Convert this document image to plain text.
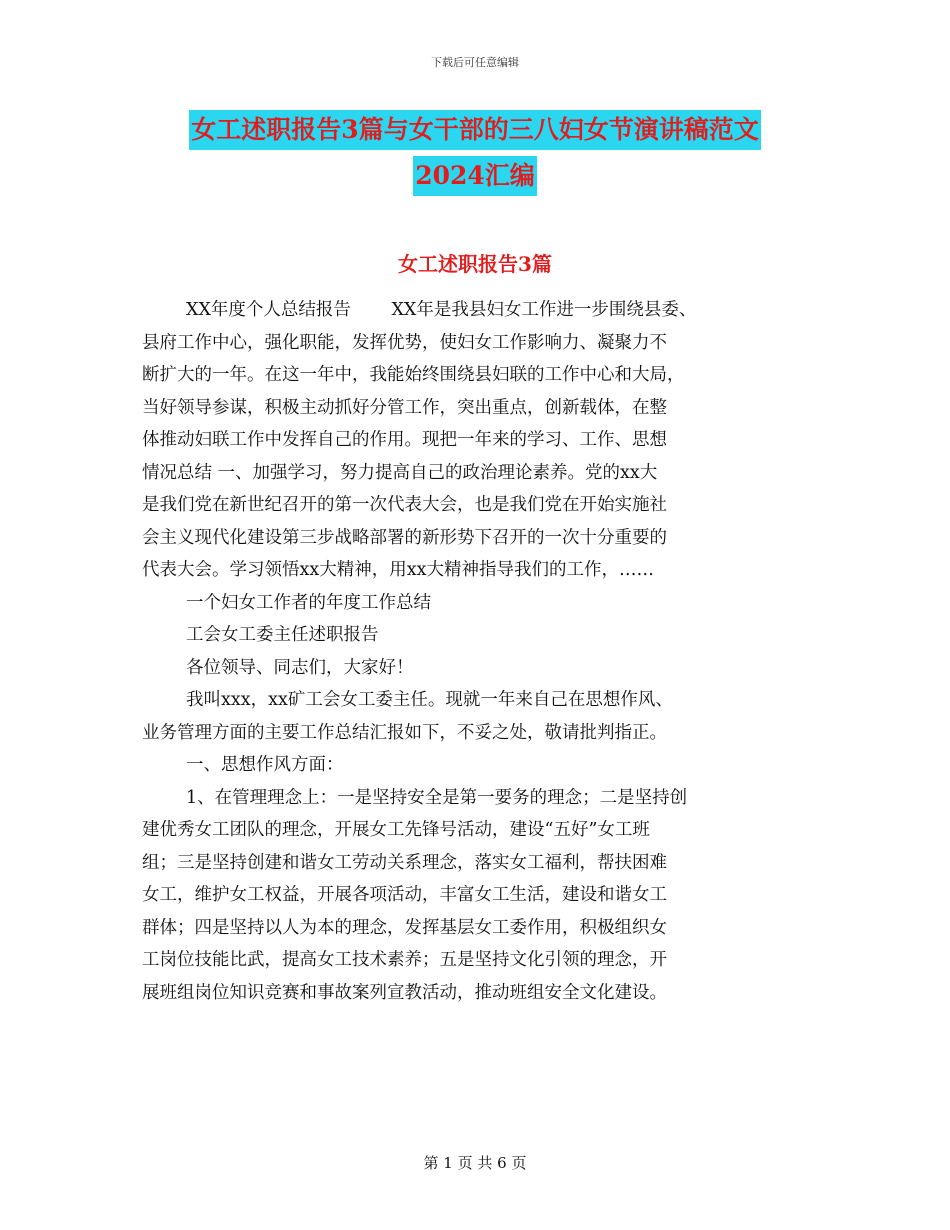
下载后可任意编辑
女工述职报告3篇与女干部的三八妇女节演讲稿范文
2024汇编
女工述职报告3篇
XX年度个人总结报告　　 XX年是我县妇女工作进一步围绕县委、
县府工作中心，强化职能，发挥优势，使妇女工作影响力、凝聚力不
断扩大的一年。在这一年中，我能始终围绕县妇联的工作中心和大局，
当好领导参谋，积极主动抓好分管工作，突出重点，创新载体，在整
体推动妇联工作中发挥自己的作用。现把一年来的学习、工作、思想
情况总结 一、加强学习，努力提高自己的政治理论素养。党的xx大
是我们党在新世纪召开的第一次代表大会，也是我们党在开始实施社
会主义现代化建设第三步战略部署的新形势下召开的一次十分重要的
代表大会。学习领悟xx大精神，用xx大精神指导我们的工作，……
一个妇女工作者的年度工作总结
工会女工委主任述职报告
各位领导、同志们，大家好！
我叫xxx，xx矿工会女工委主任。现就一年来自己在思想作风、
业务管理方面的主要工作总结汇报如下，不妥之处，敬请批判指正。
一、思想作风方面：
1、在管理理念上：一是坚持安全是第一要务的理念；二是坚持创
建优秀女工团队的理念，开展女工先锋号活动，建设“五好”女工班
组；三是坚持创建和谐女工劳动关系理念，落实女工福利，帮扶困难
女工，维护女工权益，开展各项活动，丰富女工生活，建设和谐女工
群体；四是坚持以人为本的理念，发挥基层女工委作用，积极组织女
工岗位技能比武，提高女工技术素养；五是坚持文化引领的理念，开
展班组岗位知识竞赛和事故案列宣教活动，推动班组安全文化建设。
第 1 页 共 6 页
